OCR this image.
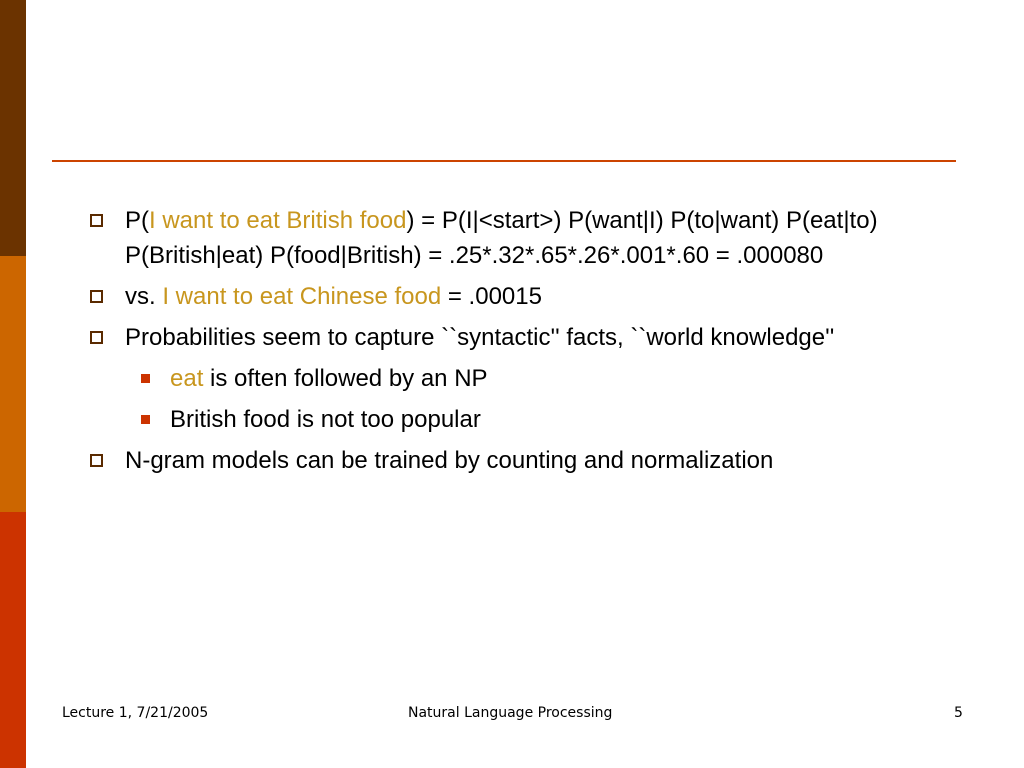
P(I want to eat British food) = P(I|<start>) P(want|I) P(to|want) P(eat|to) P(British|eat) P(food|British) = .25*.32*.65*.26*.001*.60 = .000080
vs. I want to eat Chinese food = .00015
Probabilities seem to capture ``syntactic'' facts, ``world knowledge''
eat is often followed by an NP
British food is not too popular
N-gram models can be trained by counting and normalization
Lecture 1, 7/21/2005	Natural Language Processing	5
